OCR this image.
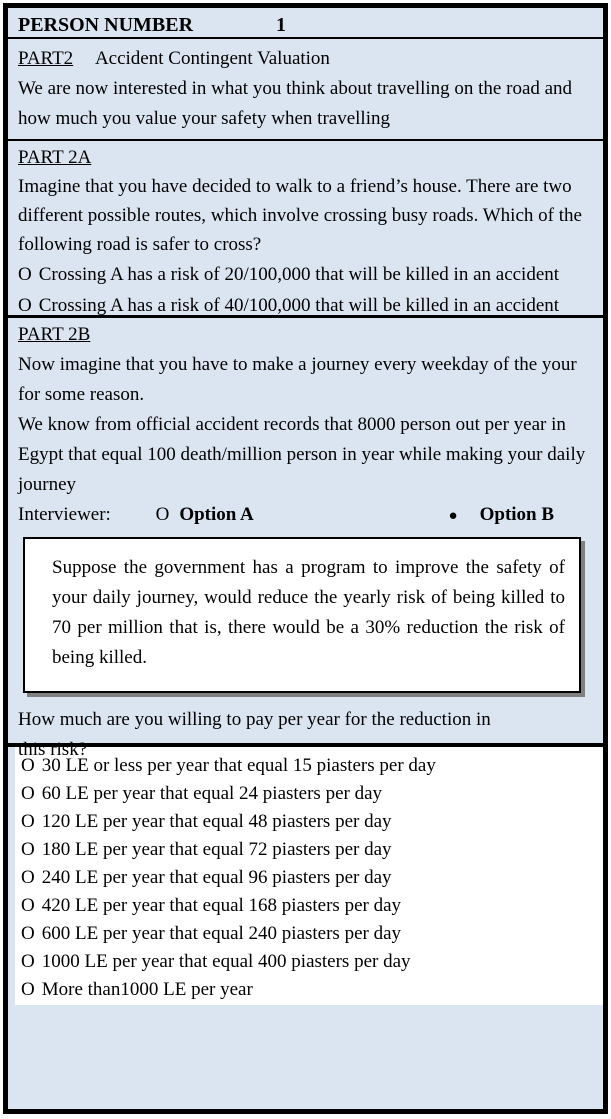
PERSON NUMBER	1
PART2 Accident Contingent Valuation
We are now interested in what you think about travelling on the road and
how much you value your safety when travelling
PART 2A
Imagine that you have decided to walk to a friend’s house. There are two
different possible routes, which involve crossing busy roads. Which of the
following road is safer to cross?
O Crossing A has a risk of 20/100,000 that will be killed in an accident
O Crossing A has a risk of 40/100,000 that will be killed in an accident
PART 2B
Now imagine that you have to make a journey every weekday of the your
for some reason.
We know from official accident records that 8000 person out per year in
Egypt that equal 100 death/million person in year while making your daily
journey
Interviewer: O Option A	● Option B
Suppose the government has a program to improve the safety of your daily journey, would reduce the yearly risk of being killed to 70 per million that is, there would be a 30% reduction the risk of being killed.
How much are you willing to pay per year for the reduction in
this risk?
O 30 LE or less per year that equal 15 piasters per day
O 60 LE per year that equal 24 piasters per day
O 120 LE per year that equal 48 piasters per day
O 180 LE per year that equal 72 piasters per day
O 240 LE per year that equal 96 piasters per day
O 420 LE per year that equal 168 piasters per day
O 600 LE per year that equal 240 piasters per day
O 1000 LE per year that equal 400 piasters per day
O More than1000 LE per year
